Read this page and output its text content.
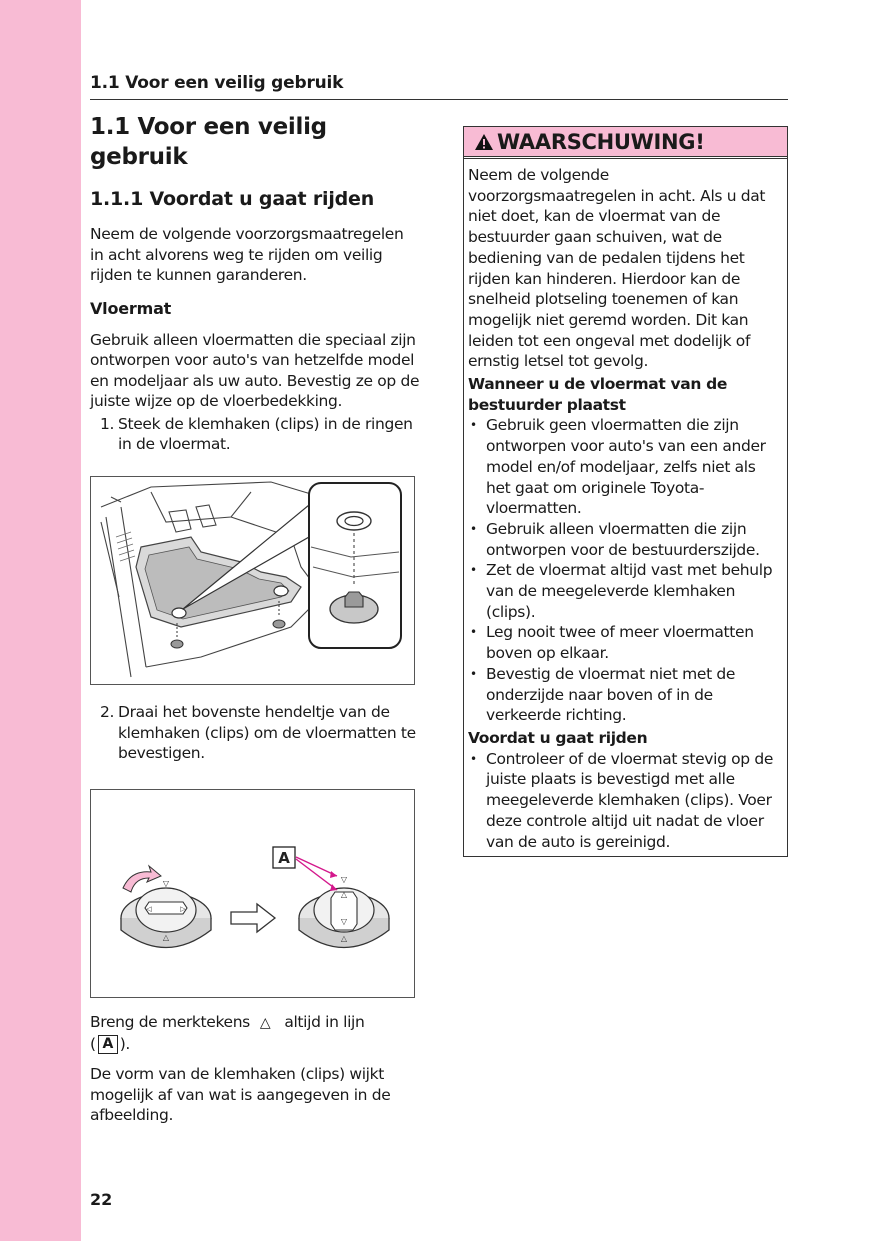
1.1 Voor een veilig gebruik
1.1 Voor een veilig gebruik
1.1.1 Voordat u gaat rijden
Neem de volgende voorzorgsmaatregelen in acht alvorens weg te rijden om veilig rijden te kunnen garanderen.
Vloermat
Gebruik alleen vloermatten die speciaal zijn ontworpen voor auto's van hetzelfde model en modeljaar als uw auto. Bevestig ze op de juiste wijze op de vloerbedekking.
1. Steek de klemhaken (clips) in de ringen in de vloermat.
2. Draai het bovenste hendeltje van de klemhaken (clips) om de vloermatten te bevestigen.
▽
△
◁	▷
▽
△
▽
△
A
Breng de merktekens △ altijd in lijn
( A ).
De vorm van de klemhaken (clips) wijkt mogelijk af van wat is aangegeven in de afbeelding.
WAARSCHUWING!
Neem de volgende voorzorgsmaatregelen in acht. Als u dat niet doet, kan de vloermat van de bestuurder gaan schuiven, wat de bediening van de pedalen tijdens het rijden kan hinderen. Hierdoor kan de snelheid plotseling toenemen of kan mogelijk niet geremd worden. Dit kan leiden tot een ongeval met dodelijk of ernstig letsel tot gevolg.
Wanneer u de vloermat van de bestuurder plaatst
• Gebruik geen vloermatten die zijn ontworpen voor auto's van een ander model en/of modeljaar, zelfs niet als het gaat om originele Toyota-vloermatten.
• Gebruik alleen vloermatten die zijn ontworpen voor de bestuurderszijde.
• Zet de vloermat altijd vast met behulp van de meegeleverde klemhaken (clips).
• Leg nooit twee of meer vloermatten boven op elkaar.
• Bevestig de vloermat niet met de onderzijde naar boven of in de verkeerde richting.
Voordat u gaat rijden
• Controleer of de vloermat stevig op de juiste plaats is bevestigd met alle meegeleverde klemhaken (clips). Voer deze controle altijd uit nadat de vloer van de auto is gereinigd.
22
